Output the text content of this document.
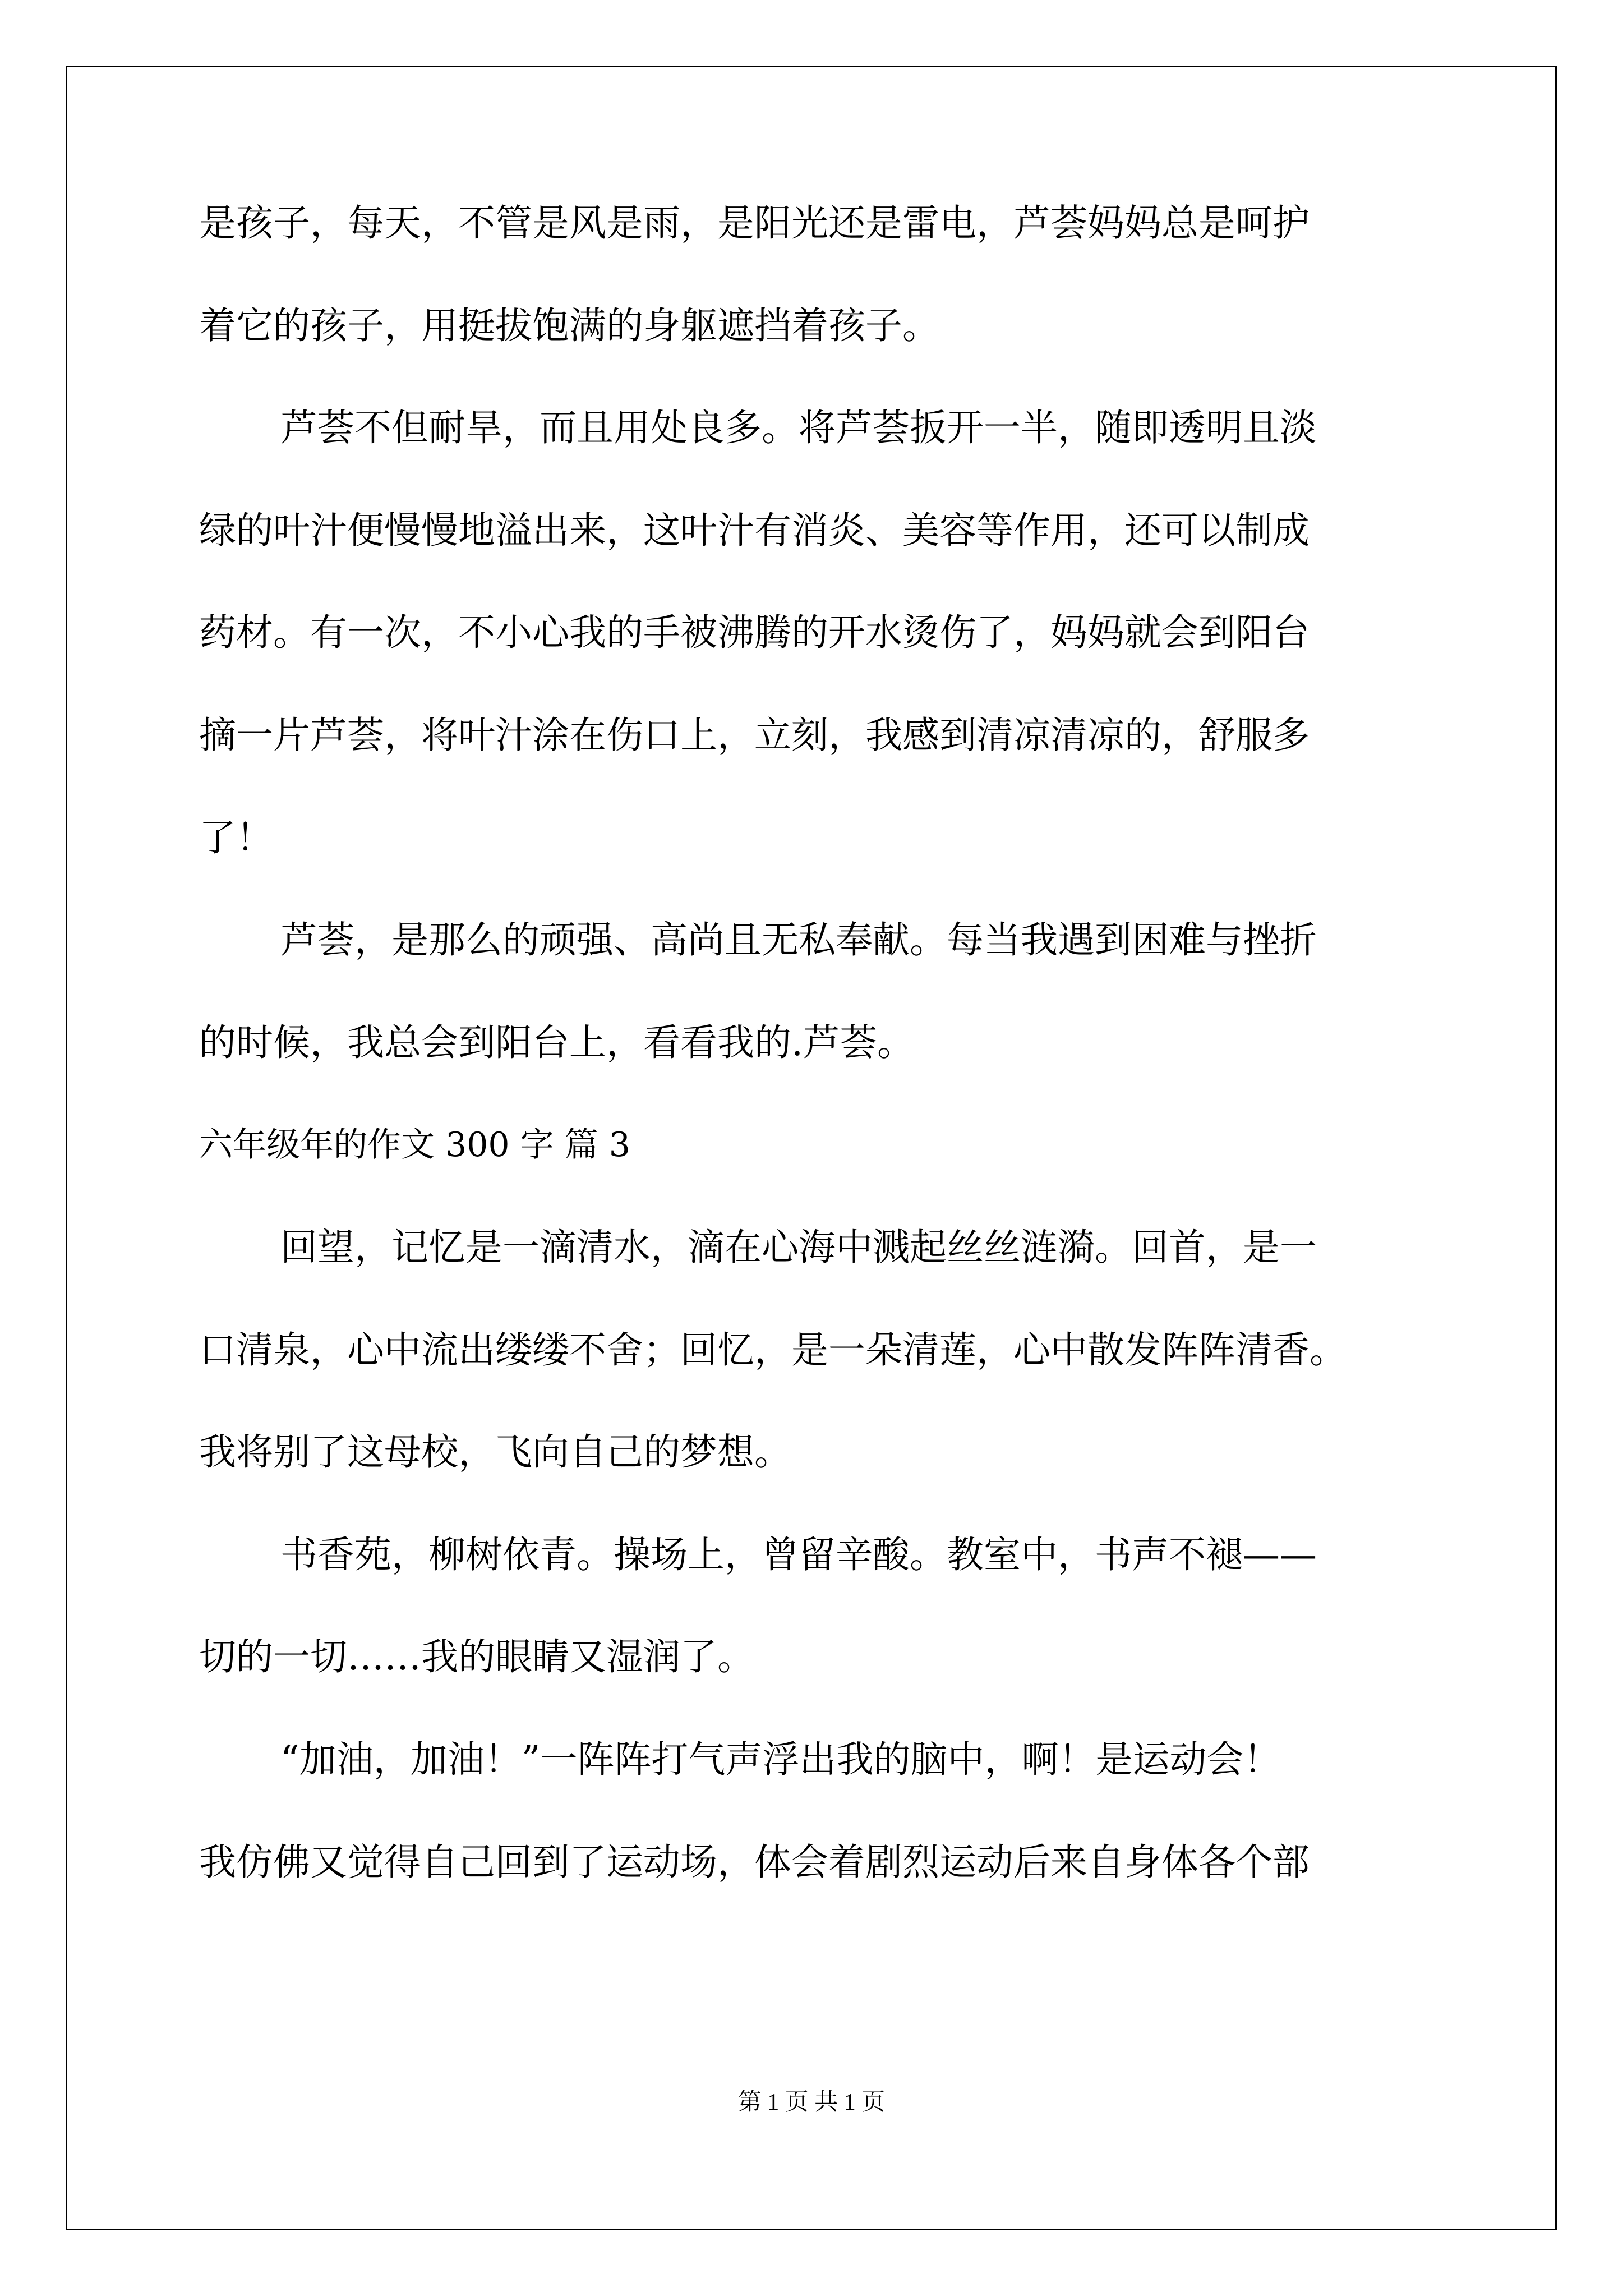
是孩子，每天，不管是风是雨，是阳光还是雷电，芦荟妈妈总是呵护
着它的孩子，用挺拔饱满的身躯遮挡着孩子。
芦荟不但耐旱，而且用处良多。将芦荟扳开一半，随即透明且淡
绿的叶汁便慢慢地溢出来，这叶汁有消炎、美容等作用，还可以制成
药材。有一次，不小心我的手被沸腾的开水烫伤了，妈妈就会到阳台
摘一片芦荟，将叶汁涂在伤口上，立刻，我感到清凉清凉的，舒服多
了！
芦荟，是那么的顽强、高尚且无私奉献。每当我遇到困难与挫折
的时候，我总会到阳台上，看看我的.芦荟。
六年级年的作文 300 字 篇 3
回望，记忆是一滴清水，滴在心海中溅起丝丝涟漪。回首，是一
口清泉，心中流出缕缕不舍；回忆，是一朵清莲，心中散发阵阵清香。
我将别了这母校，飞向自己的梦想。
书香苑，柳树依青。操场上，曾留辛酸。教室中，书声不褪——
切的一切……我的眼睛又湿润了。
“加油，加油！”一阵阵打气声浮出我的脑中，啊！是运动会！
我仿佛又觉得自己回到了运动场，体会着剧烈运动后来自身体各个部
第 1 页 共 1 页
